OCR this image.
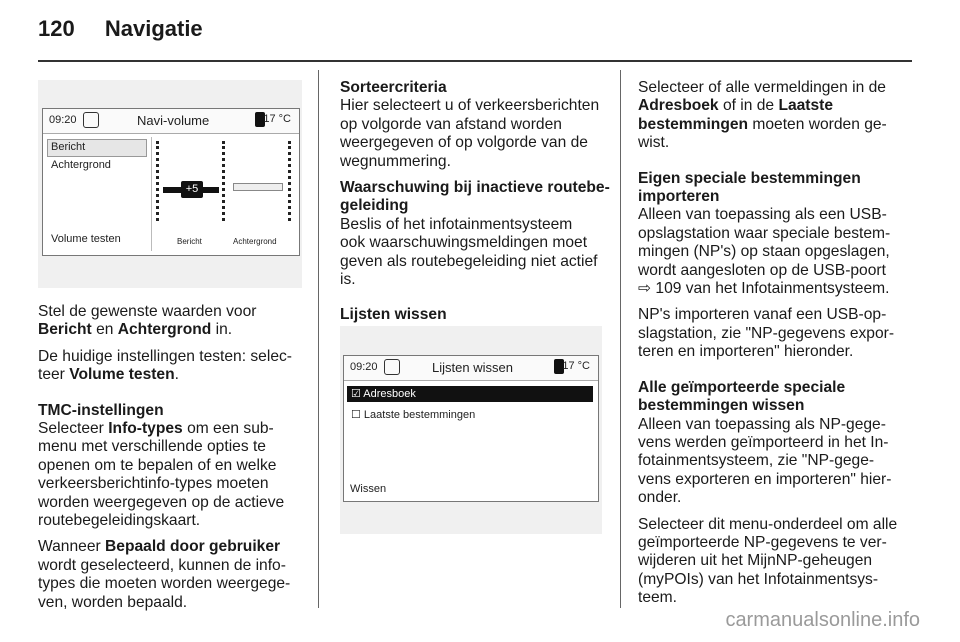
120 Navigatie
09:20	Navi-volume	17 °C
Bericht
Achtergrond
Volume testen
+5
Bericht	Achtergrond

Stel de gewenste waarden voor
Bericht en Achtergrond in.

De huidige instellingen testen: selec-
teer Volume testen.

TMC-instellingen

Selecteer Info-types om een sub-
menu met verschillende opties te
openen om te bepalen of en welke
verkeersberichtinfo-types moeten
worden weergegeven op de actieve
routebegeleidingskaart.

Wanneer Bepaald door gebruiker
wordt geselecteerd, kunnen de info-
types die moeten worden weergege-
ven, worden bepaald.

Sorteercriteria

Hier selecteert u of verkeersberichten
op volgorde van afstand worden
weergegeven of op volgorde van de
wegnummering.

Waarschuwing bij inactieve routebe-
geleiding

Beslis of het infotainmentsysteem
ook waarschuwingsmeldingen moet
geven als routebegeleiding niet actief
is.

Lijsten wissen
09:20	Lijsten wissen	17 °C
☑ Adresboek
☐ Laatste bestemmingen
Wissen

Selecteer of alle vermeldingen in de
Adresboek of in de Laatste
bestemmingen moeten worden ge-
wist.

Eigen speciale bestemmingen
importeren

Alleen van toepassing als een USB-
opslagstation waar speciale bestem-
mingen (NP's) op staan opgeslagen,
wordt aangesloten op de USB-poort
⇨ 109 van het Infotainmentsysteem.

NP's importeren vanaf een USB-op-
slagstation, zie "NP-gegevens expor-
teren en importeren" hieronder.

Alle geïmporteerde speciale
bestemmingen wissen

Alleen van toepassing als NP-gege-
vens werden geïmporteerd in het In-
fotainmentsysteem, zie "NP-gege-
vens exporteren en importeren" hier-
onder.

Selecteer dit menu-onderdeel om alle
geïmporteerde NP-gegevens te ver-
wijderen uit het MijnNP-geheugen
(myPOIs) van het Infotainmentsys-
teem.

carmanualsonline.info
